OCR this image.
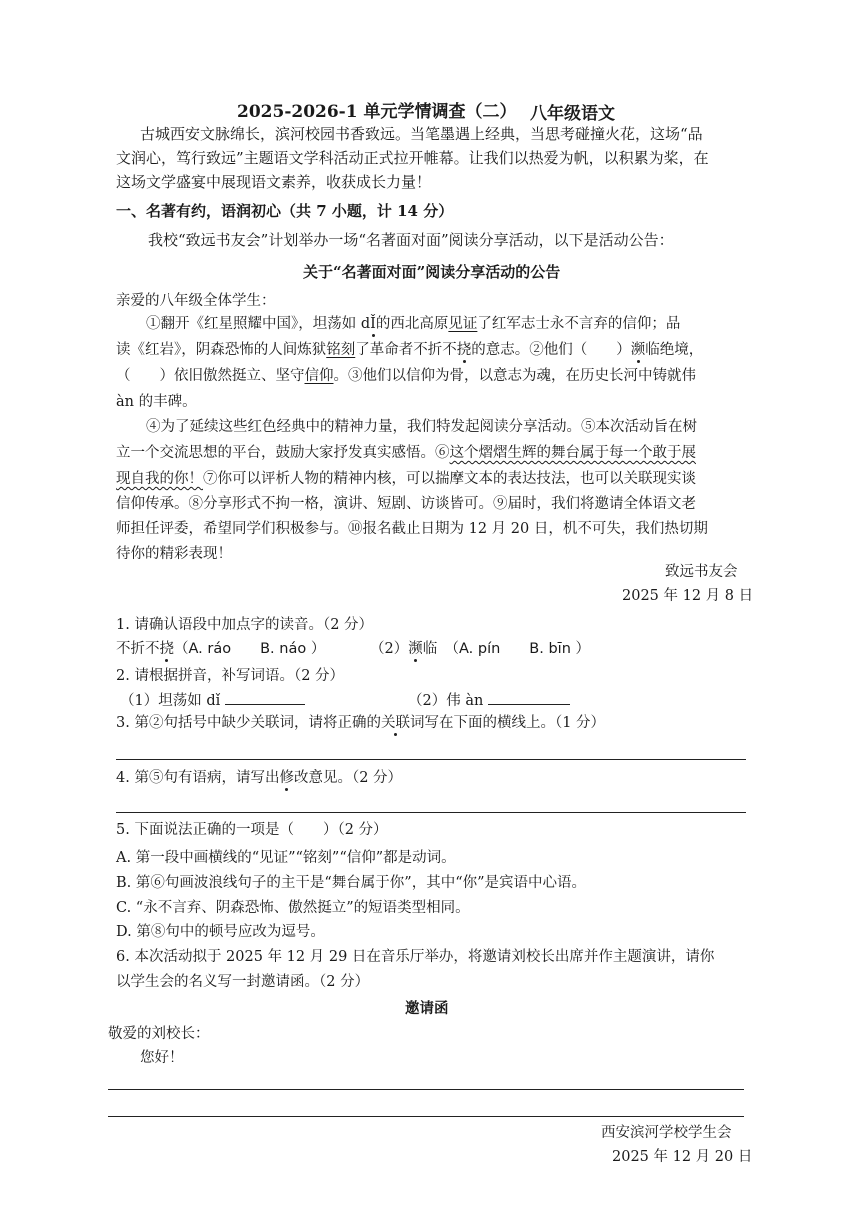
2025-2026-1 单元学情调查（二） 八年级语文
古城西安文脉绵长，滨河校园书香致远。当笔墨遇上经典，当思考碰撞火花，这场“品
文润心，笃行致远”主题语文学科活动正式拉开帷幕。让我们以热爱为帆，以积累为桨，在
这场文学盛宴中展现语文素养，收获成长力量！
一、名著有约，语润初心（共 7 小题，计 14 分）
我校“致远书友会”计划举办一场“名著面对面”阅读分享活动，以下是活动公告：
关于“名著面对面”阅读分享活动的公告
亲爱的八年级全体学生：
①翻开《红星照耀中国》，坦荡如 dǏ的西北高原见证了红军志士永不言弃的信仰；品
读《红岩》，阴森恐怖的人间炼狱铭刻了革命者不折不挠的意志。②他们（　　）濒临绝境，
（　　）依旧傲然挺立、坚守信仰。③他们以信仰为骨，以意志为魂，在历史长河中铸就伟
àn 的丰碑。
④为了延续这些红色经典中的精神力量，我们特发起阅读分享活动。⑤本次活动旨在树
立一个交流思想的平台，鼓励大家抒发真实感悟。⑥这个熠熠生辉的舞台属于每一个敢于展
现自我的你！⑦你可以评析人物的精神内核，可以揣摩文本的表达技法，也可以关联现实谈
信仰传承。⑧分享形式不拘一格，演讲、短剧、访谈皆可。⑨届时，我们将邀请全体语文老
师担任评委，希望同学们积极参与。⑩报名截止日期为 12 月 20 日，机不可失，我们热切期
待你的精彩表现！
致远书友会
2025 年 12 月 8 日
1. 请确认语段中加点字的读音。（2 分）
不折不挠（A. ráo　　B. náo ）	（2）濒临　（A. pín　　B. bīn ）
2. 请根据拼音，补写词语。（2 分）
（1）坦荡如 dǐ	（2）伟 àn
3. 第②句括号中缺少关联词，请将正确的关联词写在下面的横线上。（1 分）
4. 第⑤句有语病，请写出修改意见。（2 分）
5. 下面说法正确的一项是（　　）（2 分）
A. 第一段中画横线的“见证”“铭刻”“信仰”都是动词。
B. 第⑥句画波浪线句子的主干是“舞台属于你”，其中“你”是宾语中心语。
C. “永不言弃、阴森恐怖、傲然挺立”的短语类型相同。
D. 第⑧句中的顿号应改为逗号。
6. 本次活动拟于 2025 年 12 月 29 日在音乐厅举办，将邀请刘校长出席并作主题演讲，请你
以学生会的名义写一封邀请函。（2 分）
邀请函
敬爱的刘校长：
您好！
西安滨河学校学生会
2025 年 12 月 20 日
